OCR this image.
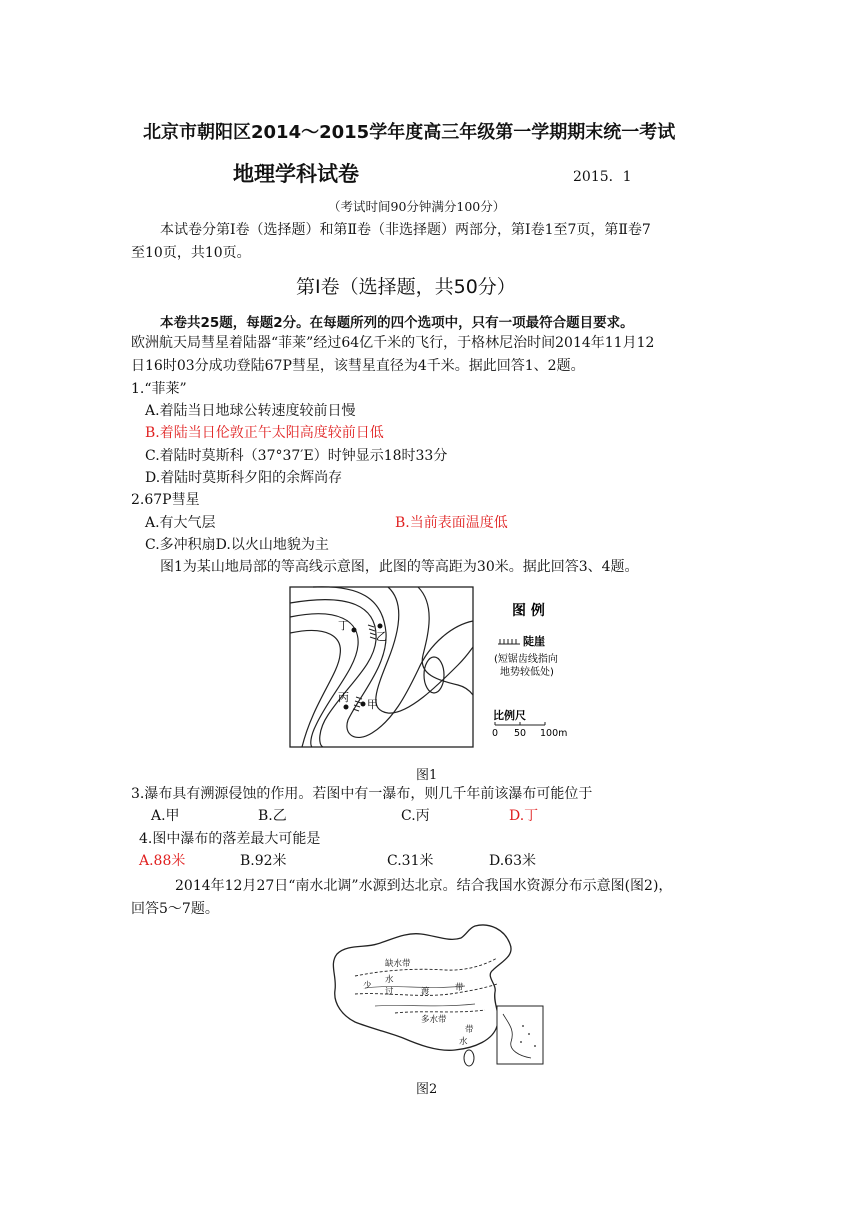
北京市朝阳区2014～2015学年度高三年级第一学期期末统一考试
地理学科试卷	2015．1
（考试时间90分钟满分100分）
本试卷分第Ⅰ卷（选择题）和第Ⅱ卷（非选择题）两部分，第Ⅰ卷1至7页，第Ⅱ卷7
至10页，共10页。
第Ⅰ卷（选择题，共50分）
本卷共25题，每题2分。在每题所列的四个选项中，只有一项最符合题目要求。
欧洲航天局彗星着陆器“菲莱”经过64亿千米的飞行，于格林尼治时间2014年11月12
日16时03分成功登陆67P彗星，该彗星直径为4千米。据此回答1、2题。
1.“菲莱”
A.着陆当日地球公转速度较前日慢
B.着陆当日伦敦正午太阳高度较前日低
C.着陆时莫斯科（37°37′E）时钟显示18时33分
D.着陆时莫斯科夕阳的余辉尚存
2.67P彗星
A.有大气层	B.当前表面温度低
C.多冲积扇D.以火山地貌为主
图1为某山地局部的等高线示意图，此图的等高距为30米。据此回答3、4题。
丁
乙
丙
甲
图 例
陡崖
(短锯齿线指向
地势较低处)
比例尺
0 50 100m
图1
3.瀑布具有溯源侵蚀的作用。若图中有一瀑布，则几千年前该瀑布可能位于
A.甲	B.乙	C.丙	D.丁
4.图中瀑布的落差最大可能是
A.88米	B.92米	C.31米	D.63米
2014年12月27日“南水北调”水源到达北京。结合我国水资源分布示意图(图2)，
回答5～7题。
缺水带
少
水
过	渡	带
多水带
带
水
图2
